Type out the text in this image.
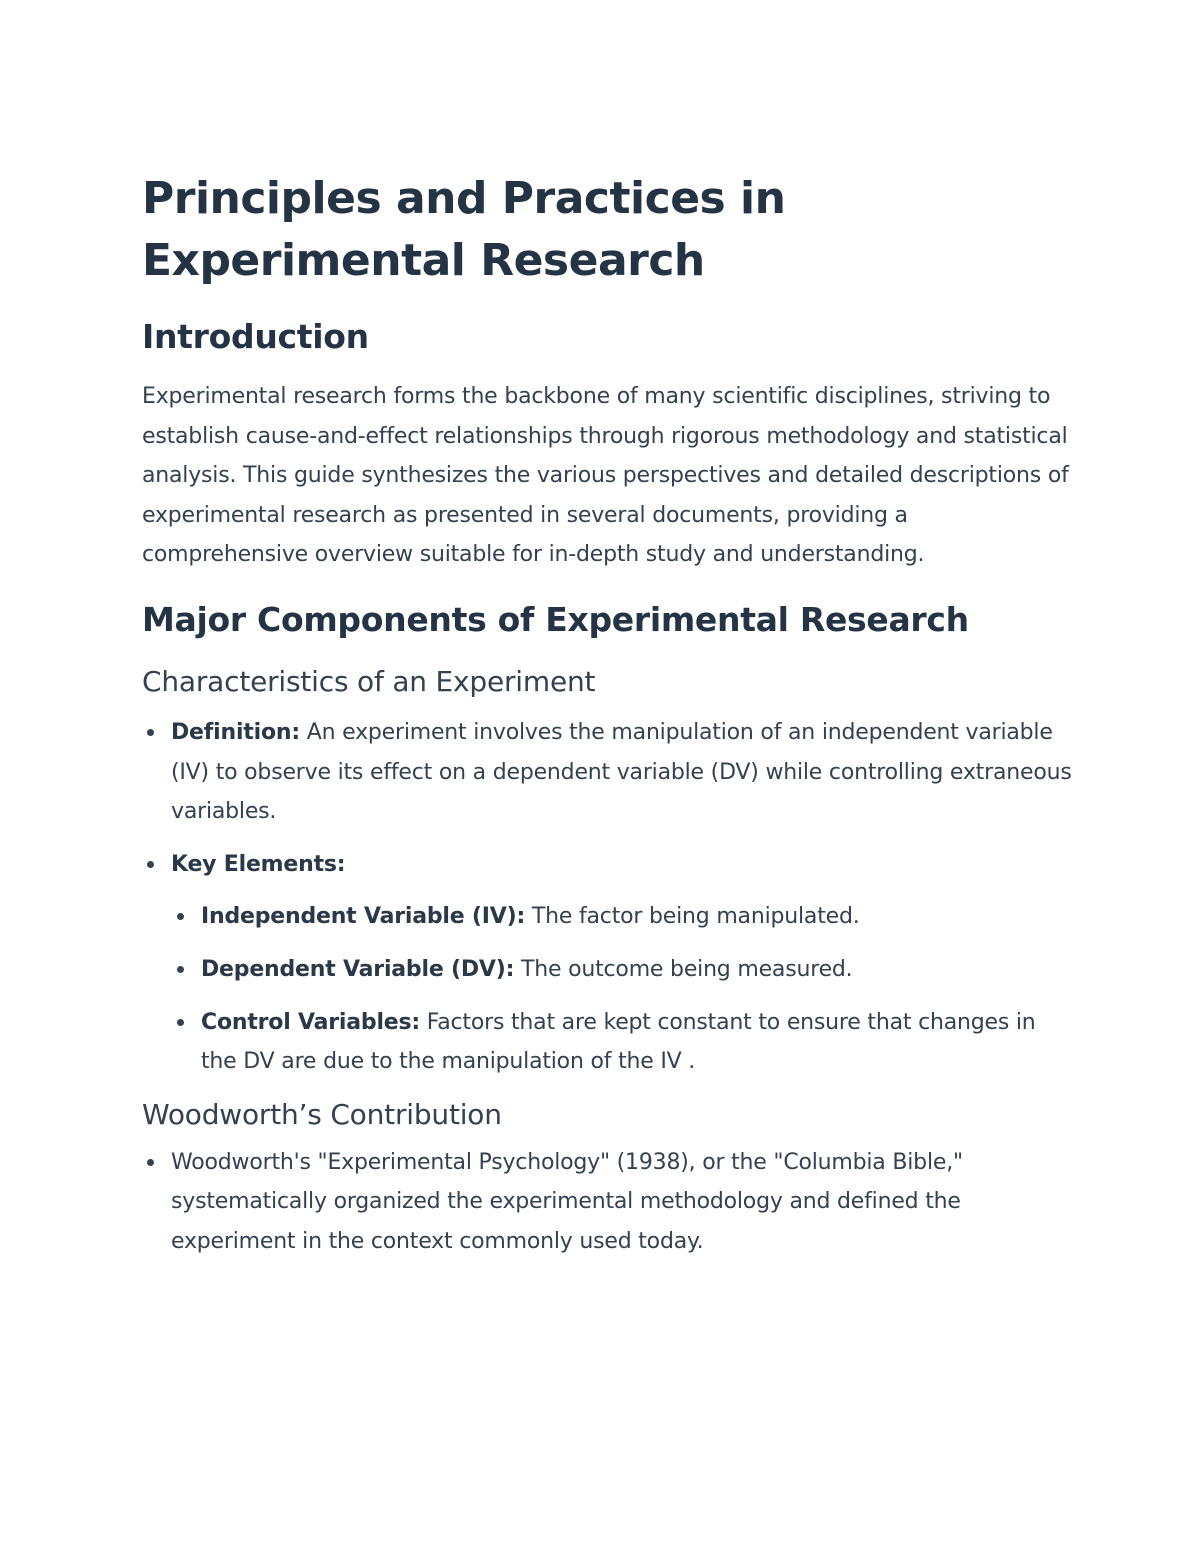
Principles and Practices in
Experimental Research
Introduction

Experimental research forms the backbone of many scientific disciplines, striving to establish cause-and-effect relationships through rigorous methodology and statistical analysis. This guide synthesizes the various perspectives and detailed descriptions of experimental research as presented in several documents, providing a comprehensive overview suitable for in-depth study and understanding.

Major Components of Experimental Research
Characteristics of an Experiment
Definition: An experiment involves the manipulation of an independent variable (IV) to observe its effect on a dependent variable (DV) while controlling extraneous variables.
Key Elements:
Independent Variable (IV): The factor being manipulated.
Dependent Variable (DV): The outcome being measured.
Control Variables: Factors that are kept constant to ensure that changes in the DV are due to the manipulation of the IV .
Woodworth’s Contribution
Woodworth's "Experimental Psychology" (1938), or the "Columbia Bible," systematically organized the experimental methodology and defined the experiment in the context commonly used today.
